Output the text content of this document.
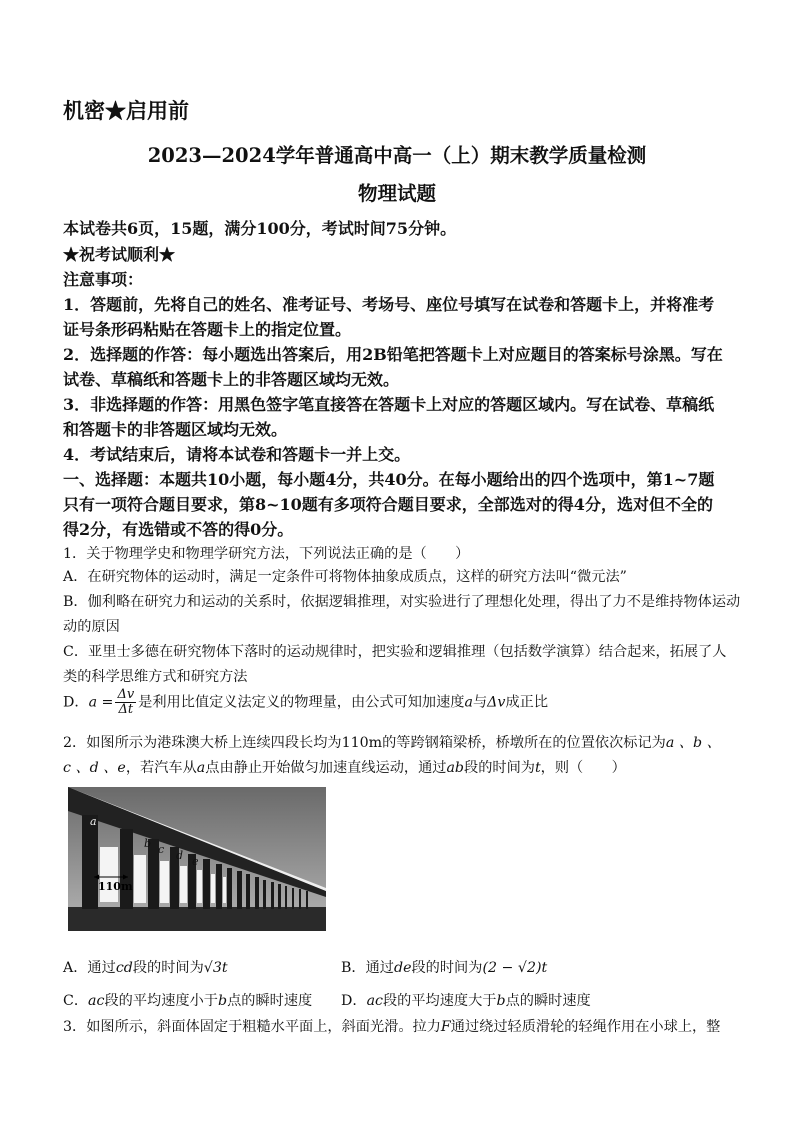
机密★启用前
2023—2024学年普通高中高一（上）期末教学质量检测
物理试题
本试卷共6页，15题，满分100分，考试时间75分钟。
★祝考试顺利★
注意事项：
1．答题前，先将自己的姓名、准考证号、考场号、座位号填写在试卷和答题卡上，并将准考
证号条形码粘贴在答题卡上的指定位置。
2．选择题的作答：每小题选出答案后，用2B铅笔把答题卡上对应题目的答案标号涂黑。写在
试卷、草稿纸和答题卡上的非答题区域均无效。
3．非选择题的作答：用黑色签字笔直接答在答题卡上对应的答题区域内。写在试卷、草稿纸
和答题卡的非答题区域均无效。
4．考试结束后，请将本试卷和答题卡一并上交。
一、选择题：本题共10小题，每小题4分，共40分。在每小题给出的四个选项中，第1~7题
只有一项符合题目要求，第8~10题有多项符合题目要求，全部选对的得4分，选对但不全的
得2分，有选错或不答的得0分。
1．关于物理学史和物理学研究方法，下列说法正确的是（　　）
A．在研究物体的运动时，满足一定条件可将物体抽象成质点，这样的研究方法叫“微元法”
B．伽利略在研究力和运动的关系时，依据逻辑推理，对实验进行了理想化处理，得出了力不是维持物体运动
动的原因
C．亚里士多德在研究物体下落时的运动规律时，把实验和逻辑推理（包括数学演算）结合起来，拓展了人
类的科学思维方式和研究方法
D．$a = \frac{\Delta v}{\Delta t}$ 是利用比值定义法定义的物理量，由公式可知加速度a与Δv成正比
2．如图所示为港珠澳大桥上连续四段长均为110m的等跨钢箱梁桥，桥墩所在的位置依次标记为a 、b 、
c 、d 、e，若汽车从a点由静止开始做匀加速直线运动，通过ab段的时间为t，则（　　）
110m
a
b c d e
A．通过cd段的时间为√3t	B．通过de段的时间为(2 − √2)t
C．ac段的平均速度小于b点的瞬时速度 D．ac段的平均速度大于b点的瞬时速度
3．如图所示，斜面体固定于粗糙水平面上，斜面光滑。拉力F通过绕过轻质滑轮的轻绳作用在小球上，整
